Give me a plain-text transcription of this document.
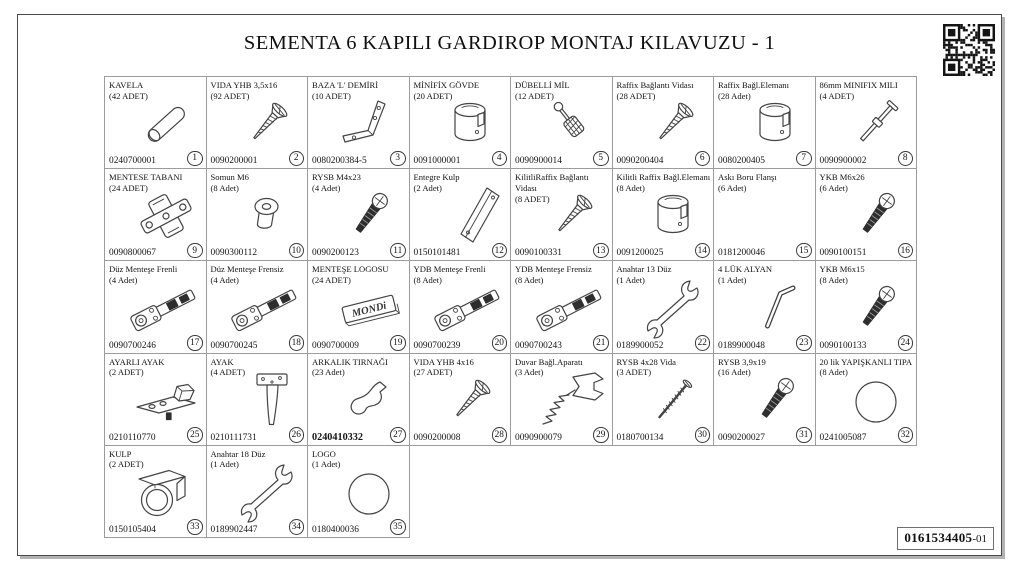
SEMENTA 6 KAPILI GARDIROP MONTAJ KILAVUZU - 1
KAVELA
(42 ADET)
0240700001	1
VIDA YHB 3,5x16
(92 ADET)
0090200001	2
BAZA 'L' DEMİRİ
(10 ADET)
0080200384-5	3
MİNİFİX GÖVDE
(20 ADET)
0091000001	4
DÜBELLİ MİL
(12 ADET)
0090900014	5
Raffix Bağlantı Vidası
(28 ADET)
0090200404	6
Raffix Bağl.Elemanı
(28 Adet)
0080200405	7
86mm MINIFIX MILI
(4 ADET)
0090900002	8
MENTESE TABANI
(24 ADET)
0090800067	9
Somun M6
(8 Adet)
0090300112	10
RYSB M4x23
(4 Adet)
0090200123	11
Entegre Kulp
(2 Adet)
0150101481	12
KilitliRaffix Bağlantı Vidası
(8 ADET)
0090100331	13
Kilitli Raffix Bağl.Elemanı
(8 Adet)
0091200025	14
Askı Boru Flanşı
(6 Adet)
0181200046	15
YKB M6x26
(6 Adet)
0090100151	16
Düz Menteşe Frenli
(4 Adet)
0090700246	17
Düz Menteşe Frensiz
(4 Adet)
0090700245	18
MENTEŞE LOGOSU
(24 ADET)
MONDi
0090700009	19
YDB Menteşe Frenli
(8 Adet)
0090700239	20
YDB Menteşe Frensiz
(8 Adet)
0090700243	21
Anahtar 13 Düz
(1 Adet)
0189900052	22
4 LÜK ALYAN
(1 Adet)
0189900048	23
YKB M6x15
(8 Adet)
0090100133	24
AYARLI AYAK
(2 ADET)
0210110770	25
AYAK
(4 ADET)
0210111731	26
ARKALIK TIRNAĞI
(23 Adet)
0240410332	27
VIDA YHB 4x16
(27 ADET)
0090200008	28
Duvar Bağl.Aparatı
(3 Adet)
0090900079	29
RYSB 4x28 Vida
(3 ADET)
0180700134	30
RYSB 3,9x19
(16 Adet)
0090200027	31
20 lik YAPIŞKANLI TIPA
(8 Adet)
0241005087	32
KULP
(2 ADET)
0150105404	33
Anahtar 18 Düz
(1 Adet)
0189902447	34
LOGO
(1 Adet)
0180400036	35
0161534405-01
